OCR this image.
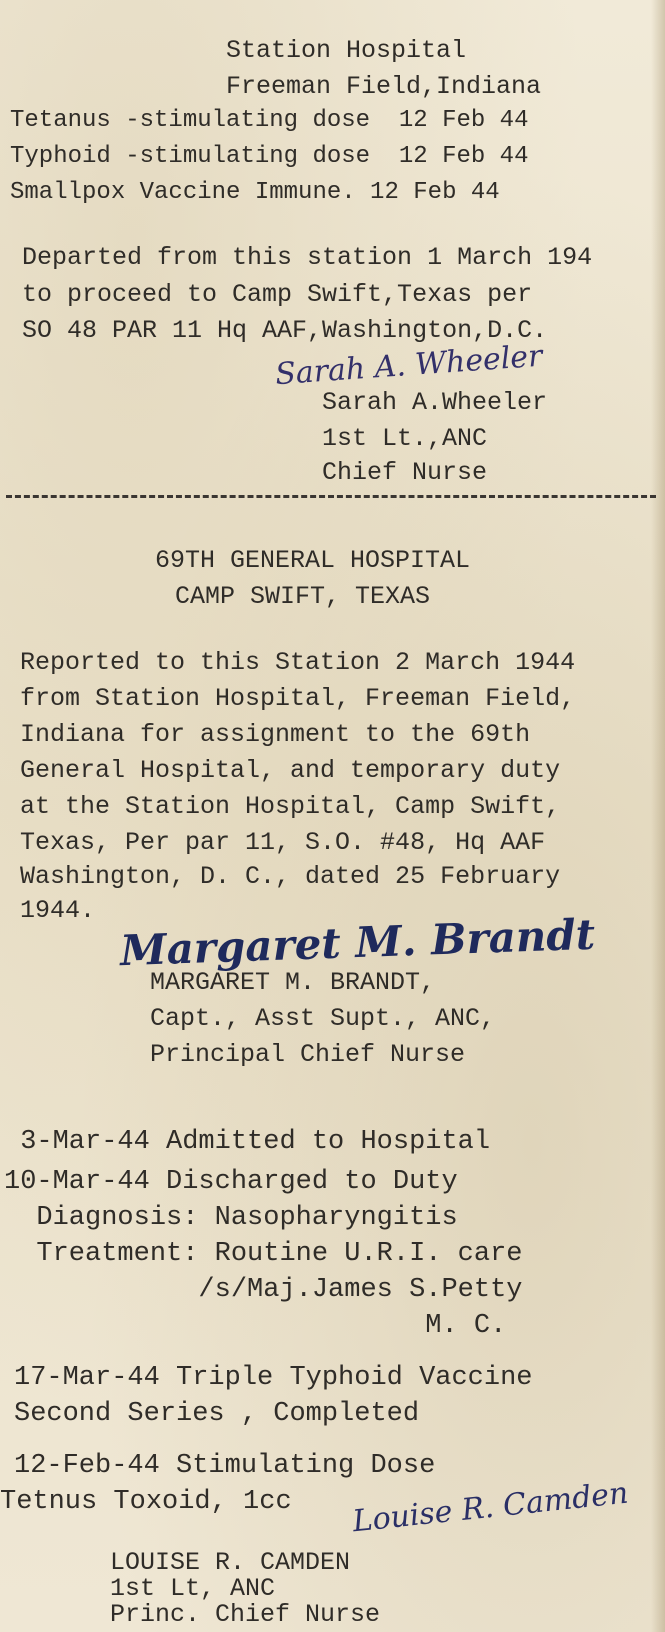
Station Hospital
Freeman Field,Indiana
Tetanus -stimulating dose  12 Feb 44
Typhoid -stimulating dose  12 Feb 44
Smallpox Vaccine Immune. 12 Feb 44
Departed from this station 1 March 194
to proceed to Camp Swift,Texas per
SO 48 PAR 11 Hq AAF,Washington,D.C.
Sarah A. Wheeler
Sarah A.Wheeler
1st Lt.,ANC
Chief Nurse
69TH GENERAL HOSPITAL
CAMP SWIFT, TEXAS
Reported to this Station 2 March 1944
from Station Hospital, Freeman Field,
Indiana for assignment to the 69th
General Hospital, and temporary duty
at the Station Hospital, Camp Swift,
Texas, Per par 11, S.O. #48, Hq AAF
Washington, D. C., dated 25 February
1944. Margaret M. Brandt
MARGARET M. BRANDT,
Capt., Asst Supt., ANC,
Principal Chief Nurse
3-Mar-44 Admitted to Hospital
10-Mar-44 Discharged to Duty
Diagnosis: Nasopharyngitis
Treatment: Routine U.R.I. care
/s/Maj.James S.Petty
M. C.
17-Mar-44 Triple Typhoid Vaccine
Second Series , Completed
12-Feb-44 Stimulating Dose
Tetnus Toxoid, 1cc Louise R. Camden
LOUISE R. CAMDEN
1st Lt, ANC
Princ. Chief Nurse
